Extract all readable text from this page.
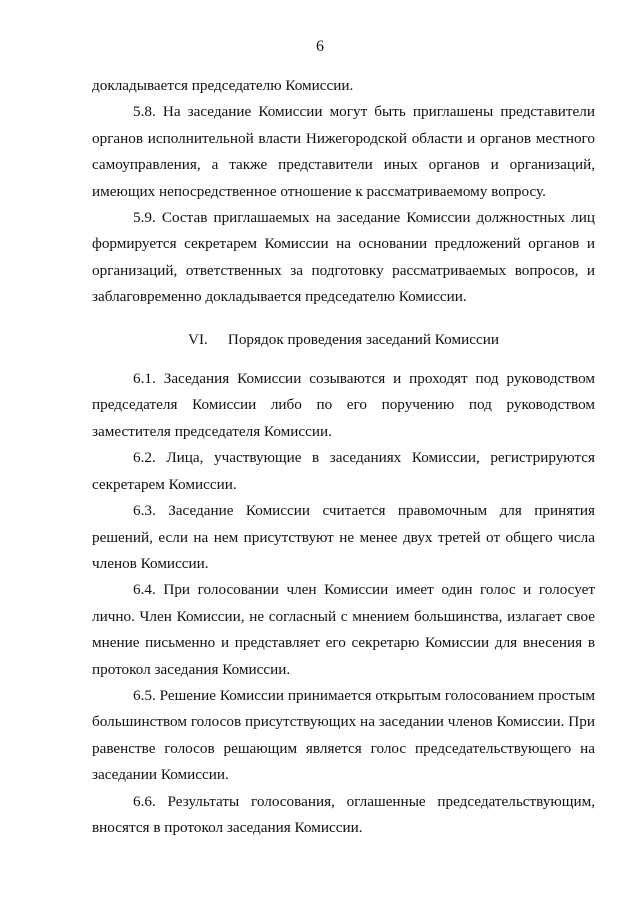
6

докладывается председателю Комиссии.

5.8. На заседание Комиссии могут быть приглашены представители органов исполнительной власти Нижегородской области и органов местного самоуправления, а также представители иных органов и организаций, имеющих непосредственное отношение к рассматриваемому вопросу.

5.9. Состав приглашаемых на заседание Комиссии должностных лиц формируется секретарем Комиссии на основании предложений органов и организаций, ответственных за подготовку рассматриваемых вопросов, и заблаговременно докладывается председателю Комиссии.

VI. Порядок проведения заседаний Комиссии

6.1. Заседания Комиссии созываются и проходят под руководством председателя Комиссии либо по его поручению под руководством заместителя председателя Комиссии.

6.2. Лица, участвующие в заседаниях Комиссии, регистрируются секретарем Комиссии.

6.3. Заседание Комиссии считается правомочным для принятия решений, если на нем присутствуют не менее двух третей от общего числа членов Комиссии.

6.4. При голосовании член Комиссии имеет один голос и голосует лично. Член Комиссии, не согласный с мнением большинства, излагает свое мнение письменно и представляет его секретарю Комиссии для внесения в протокол заседания Комиссии.

6.5. Решение Комиссии принимается открытым голосованием простым большинством голосов присутствующих на заседании членов Комиссии. При равенстве голосов решающим является голос председательствующего на заседании Комиссии.

6.6. Результаты голосования, оглашенные председательствующим, вносятся в протокол заседания Комиссии.
